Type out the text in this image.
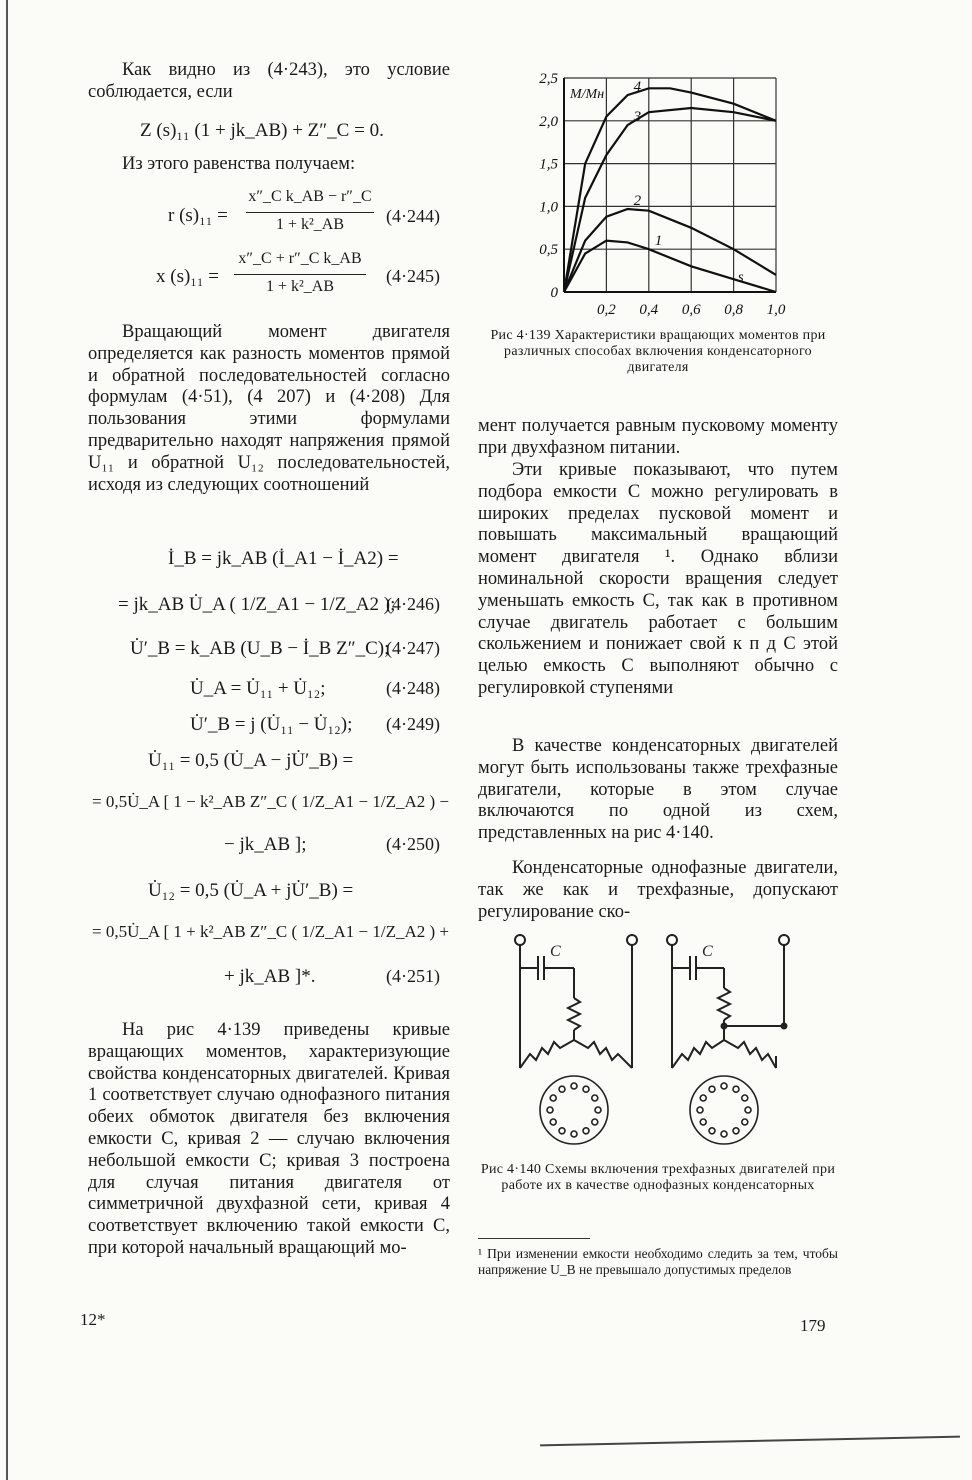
Как видно из (4·243), это условие соблюдается, если

Z (s)₁₁ (1 + jk_AB) + Z″_C = 0.

Из этого равенства получаем:

r (s)₁₁ =
x″_C k_AB − r″_C
1 + k²_AB	(4·244)
x (s)₁₁ =
x″_C + r″_C k_AB
1 + k²_AB
(4·245)

Вращающий момент двигателя определяется как разность моментов прямой и обратной последовательностей согласно формулам (4·51), (4 207) и (4·208) Для пользования этими формулами предварительно находят напряжения прямой U₁₁ и обратной U₁₂ последовательностей, исходя из следующих соотношений

İ_B = jk_AB (İ_A1 − İ_A2) =
= jk_AB U̇_A ( 1/Z_A1 − 1/Z_A2 );
(4·246)
U̇′_B = k_AB (U_B − İ_B Z″_C);
(4·247)
U̇_A = U̇₁₁ + U̇₁₂;	(4·248)
U̇′_B = j (U̇₁₁ − U̇₁₂); (4·249)
U̇₁₁ = 0,5 (U̇_A − jU̇′_B) =
= 0,5U̇_A [ 1 − k²_AB Z″_C ( 1/Z_A1 − 1/Z_A2 ) −
− jk_AB ];	(4·250)
U̇₁₂ = 0,5 (U̇_A + jU̇′_B) =
= 0,5U̇_A [ 1 + k²_AB Z″_C ( 1/Z_A1 − 1/Z_A2 ) +
+ jk_AB ]*.	(4·251)

На рис 4·139 приведены кривые вращающих моментов, характеризующие свойства конденсаторных двигателей. Кривая 1 соответствует случаю однофазного питания обеих обмоток двигателя без включения емкости C, кривая 2 — случаю включения небольшой емкости C; кривая 3 построена для случая питания двигателя от симметричной двухфазной сети, кривая 4 соответствует включению такой емкости C, при которой начальный вращающий мо-

12*
0
0,5
1,0
1,5
2,0
2,5
0,2 0,4 0,6 0,8 1,0
M/Mн
1
2
3
4
s
Рис 4·139 Характеристики вращающих моментов при различных способах включения конденсаторного двигателя

мент получается равным пусковому моменту при двухфазном питании.

Эти кривые показывают, что путем подбора емкости C можно регулировать в широких пределах пусковой момент и повышать максимальный вращающий момент двигателя ¹. Однако вблизи номинальной скорости вращения следует уменьшать емкость C, так как в противном случае двигатель работает с большим скольжением и понижает свой к п д С этой целью емкость C выполняют обычно с регулировкой ступенями

В качестве конденсаторных двигателей могут быть использованы также трехфазные двигатели, которые в этом случае включаются по одной из схем, представленных на рис 4·140.

Конденсаторные однофазные двигатели, так же как и трехфазные, допускают регулирование ско-

C	C
Рис 4·140 Схемы включения трехфазных двигателей при работе их в качестве однофазных конденсаторных

¹ При изменении емкости необходимо следить за тем, чтобы напряжение U_B не превышало допустимых пределов

179
